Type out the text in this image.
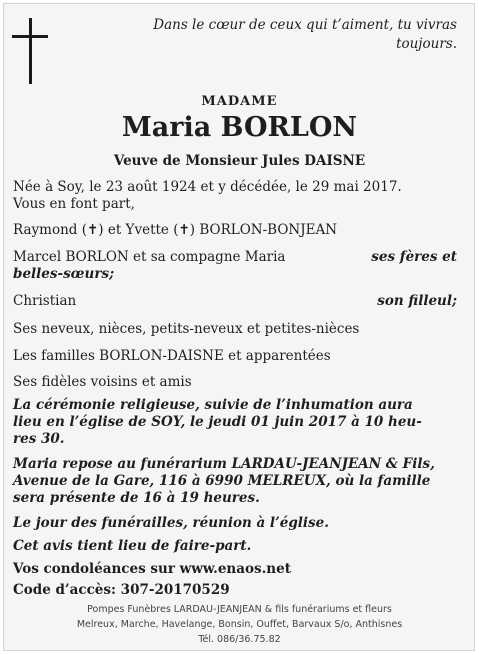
Dans le cœur de ceux qui t’aiment, tu vivras
toujours.
MADAME
Maria BORLON
Veuve de Monsieur Jules DAISNE
Née à Soy, le 23 août 1924 et y décédée, le 29 mai 2017.
Vous en font part,
Raymond (✝) et Yvette (✝) BORLON-BONJEAN
Marcel BORLON et sa compagne Maria	ses fères et
belles-sœurs;
Christian	son filleul;
Ses neveux, nièces, petits-neveux et petites-nièces
Les familles BORLON-DAISNE et apparentées
Ses fidèles voisins et amis
La cérémonie religieuse, suivie de l’inhumation aura
lieu en l’église de SOY, le jeudi 01 juin 2017 à 10 heu-
res 30.
Maria repose au funérarium LARDAU-JEANJEAN & Fils,
Avenue de la Gare, 116 à 6990 MELREUX, où la famille
sera présente de 16 à 19 heures.
Le jour des funérailles, réunion à l’église.
Cet avis tient lieu de faire-part.
Vos condoléances sur www.enaos.net
Code d’accès: 307-20170529
Pompes Funèbres LARDAU-JEANJEAN & fils funérariums et fleurs
Melreux, Marche, Havelange, Bonsin, Ouffet, Barvaux S/o, Anthisnes
Tél. 086/36.75.82
